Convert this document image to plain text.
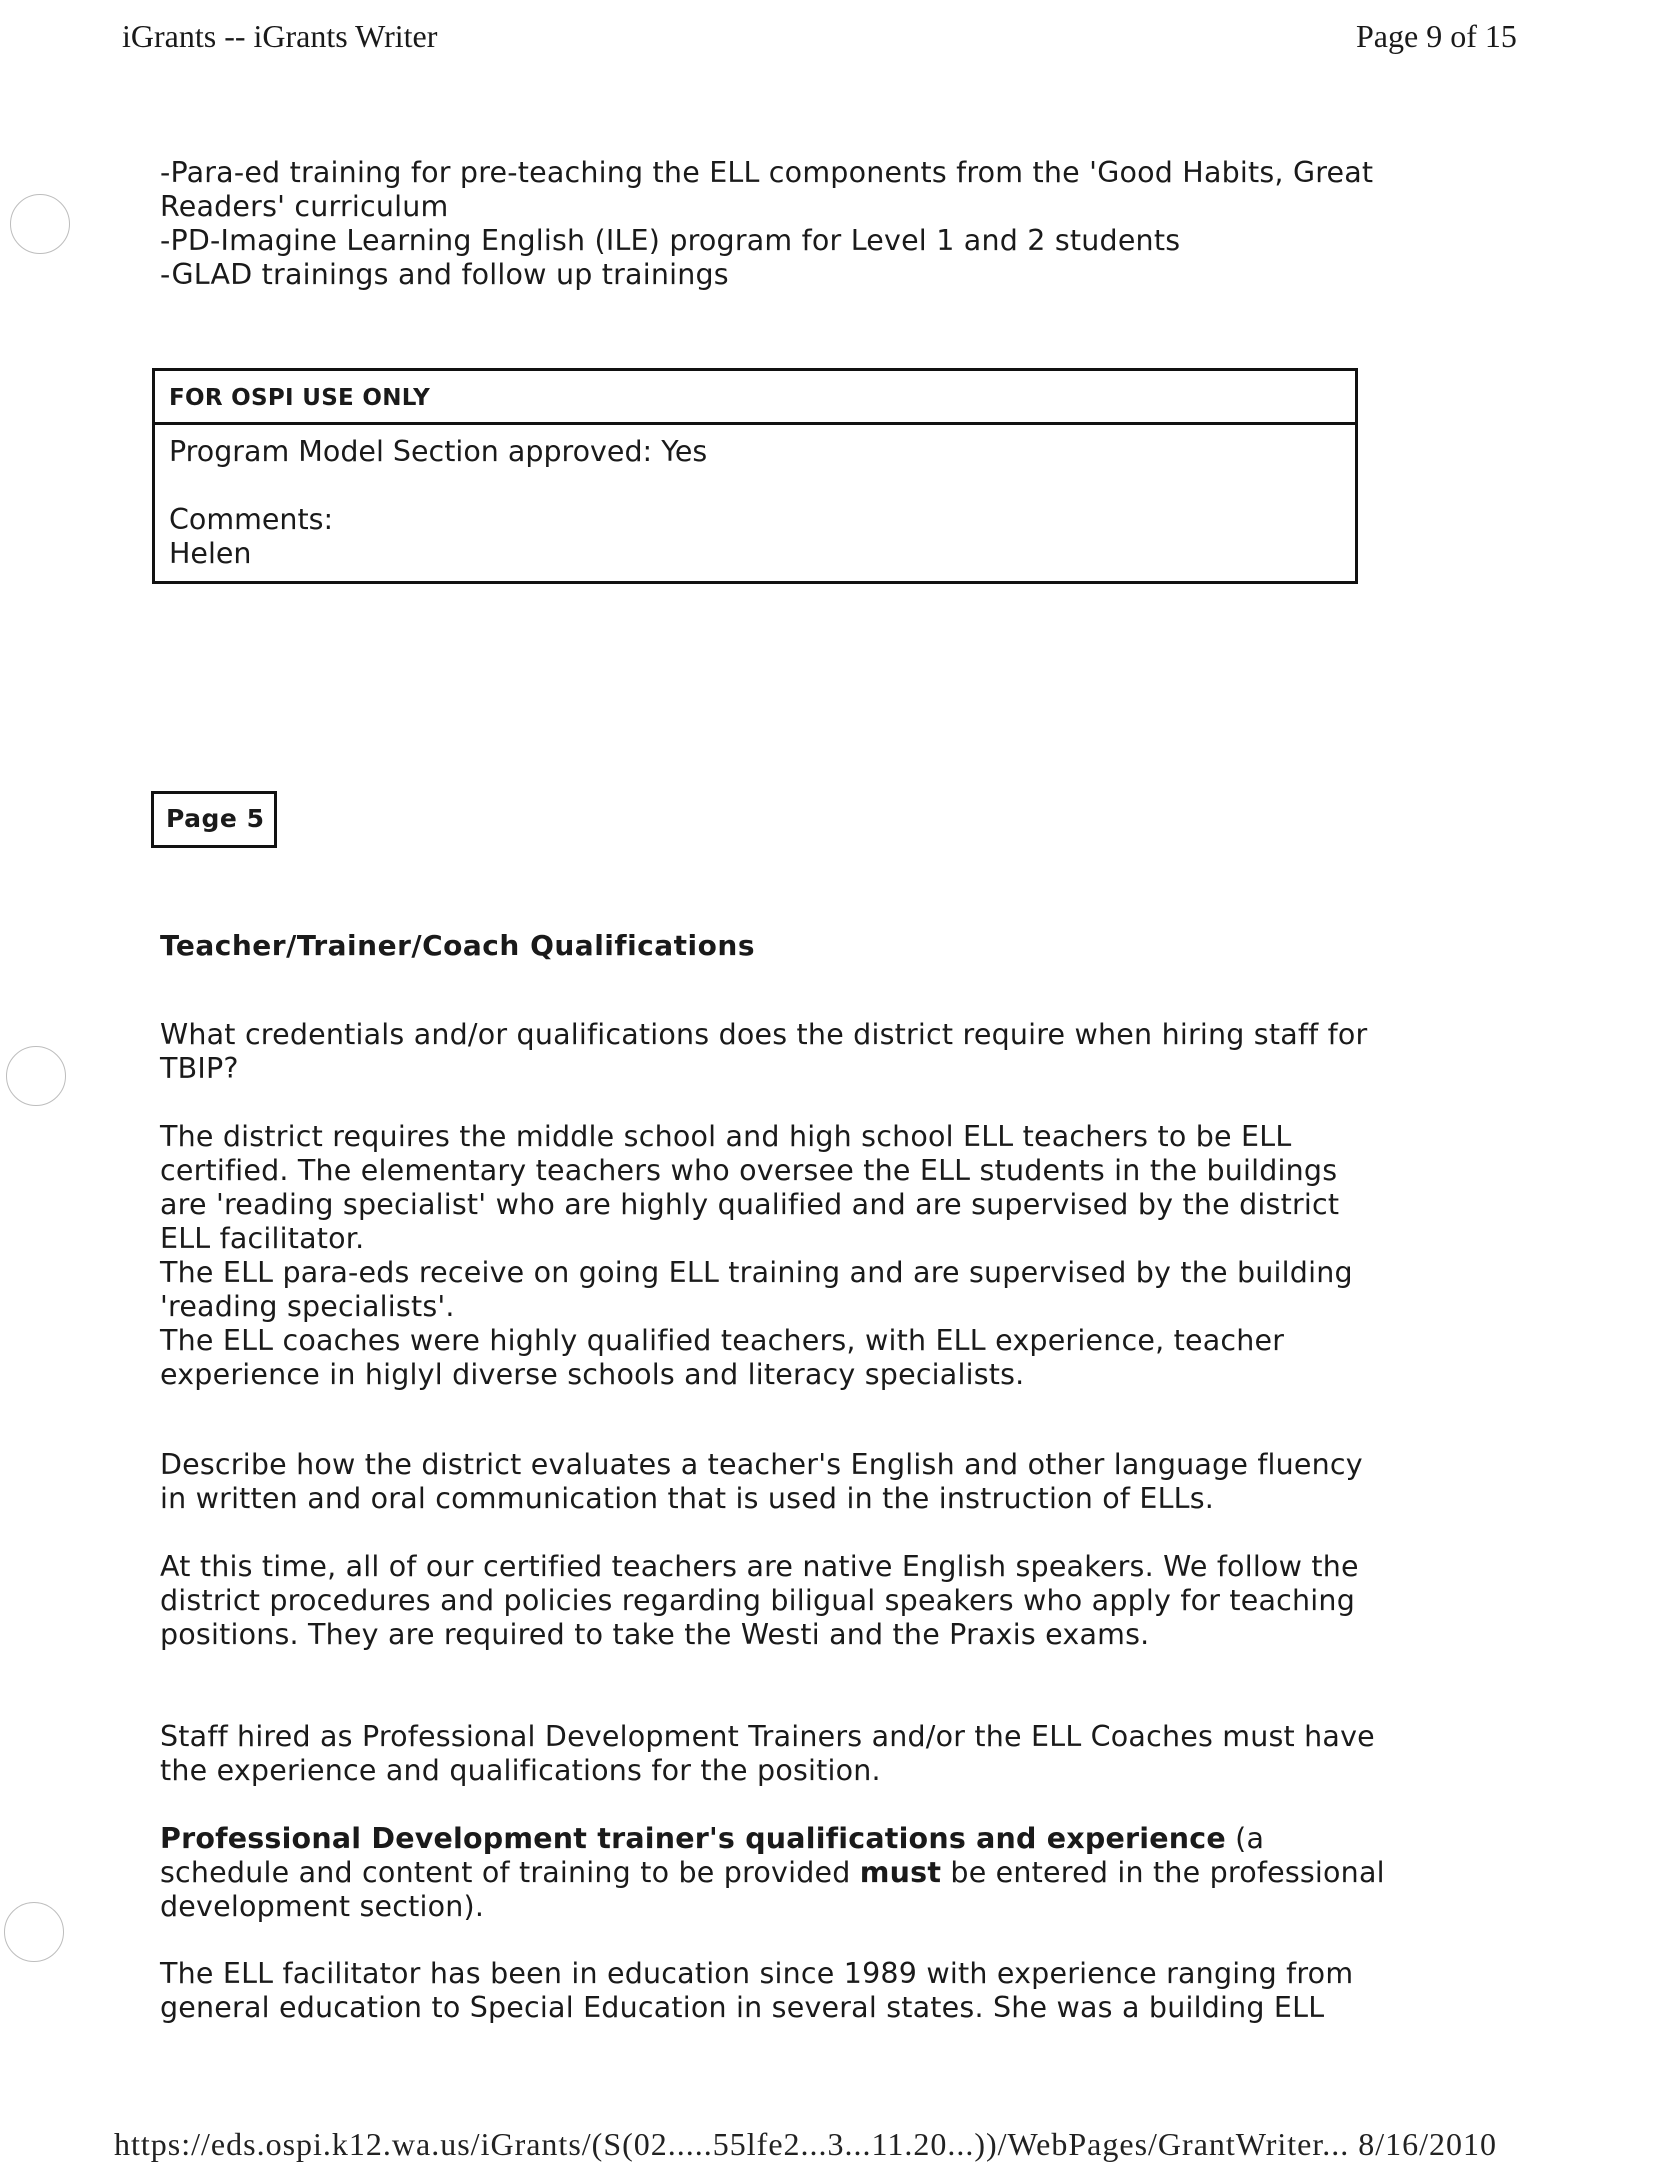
iGrants -- iGrants Writer	Page 9 of 15

-Para-ed training for pre-teaching the ELL components from the 'Good Habits, Great Readers' curriculum

-PD-Imagine Learning English (ILE) program for Level 1 and 2 students

-GLAD trainings and follow up trainings

FOR OSPI USE ONLY
Program Model Section approved: Yes
Comments:
Helen
Page 5
Teacher/Trainer/Coach Qualifications

What credentials and/or qualifications does the district require when hiring staff for TBIP?

The district requires the middle school and high school ELL teachers to be ELL certified. The elementary teachers who oversee the ELL students in the buildings are 'reading specialist' who are highly qualified and are supervised by the district ELL facilitator.

The ELL para-eds receive on going ELL training and are supervised by the building 'reading specialists'.

The ELL coaches were highly qualified teachers, with ELL experience, teacher experience in higlyl diverse schools and literacy specialists.

Describe how the district evaluates a teacher's English and other language fluency in written and oral communication that is used in the instruction of ELLs.

At this time, all of our certified teachers are native English speakers. We follow the district procedures and policies regarding biligual speakers who apply for teaching positions. They are required to take the Westi and the Praxis exams.

Staff hired as Professional Development Trainers and/or the ELL Coaches must have the experience and qualifications for the position.

Professional Development trainer's qualifications and experience (a schedule and content of training to be provided must be entered in the professional development section).

The ELL facilitator has been in education since 1989 with experience ranging from general education to Special Education in several states. She was a building ELL

https://eds.ospi.k12.wa.us/iGrants/(S(02.....55lfe2...3...11.20...))/WebPages/GrantWriter... 8/16/2010
